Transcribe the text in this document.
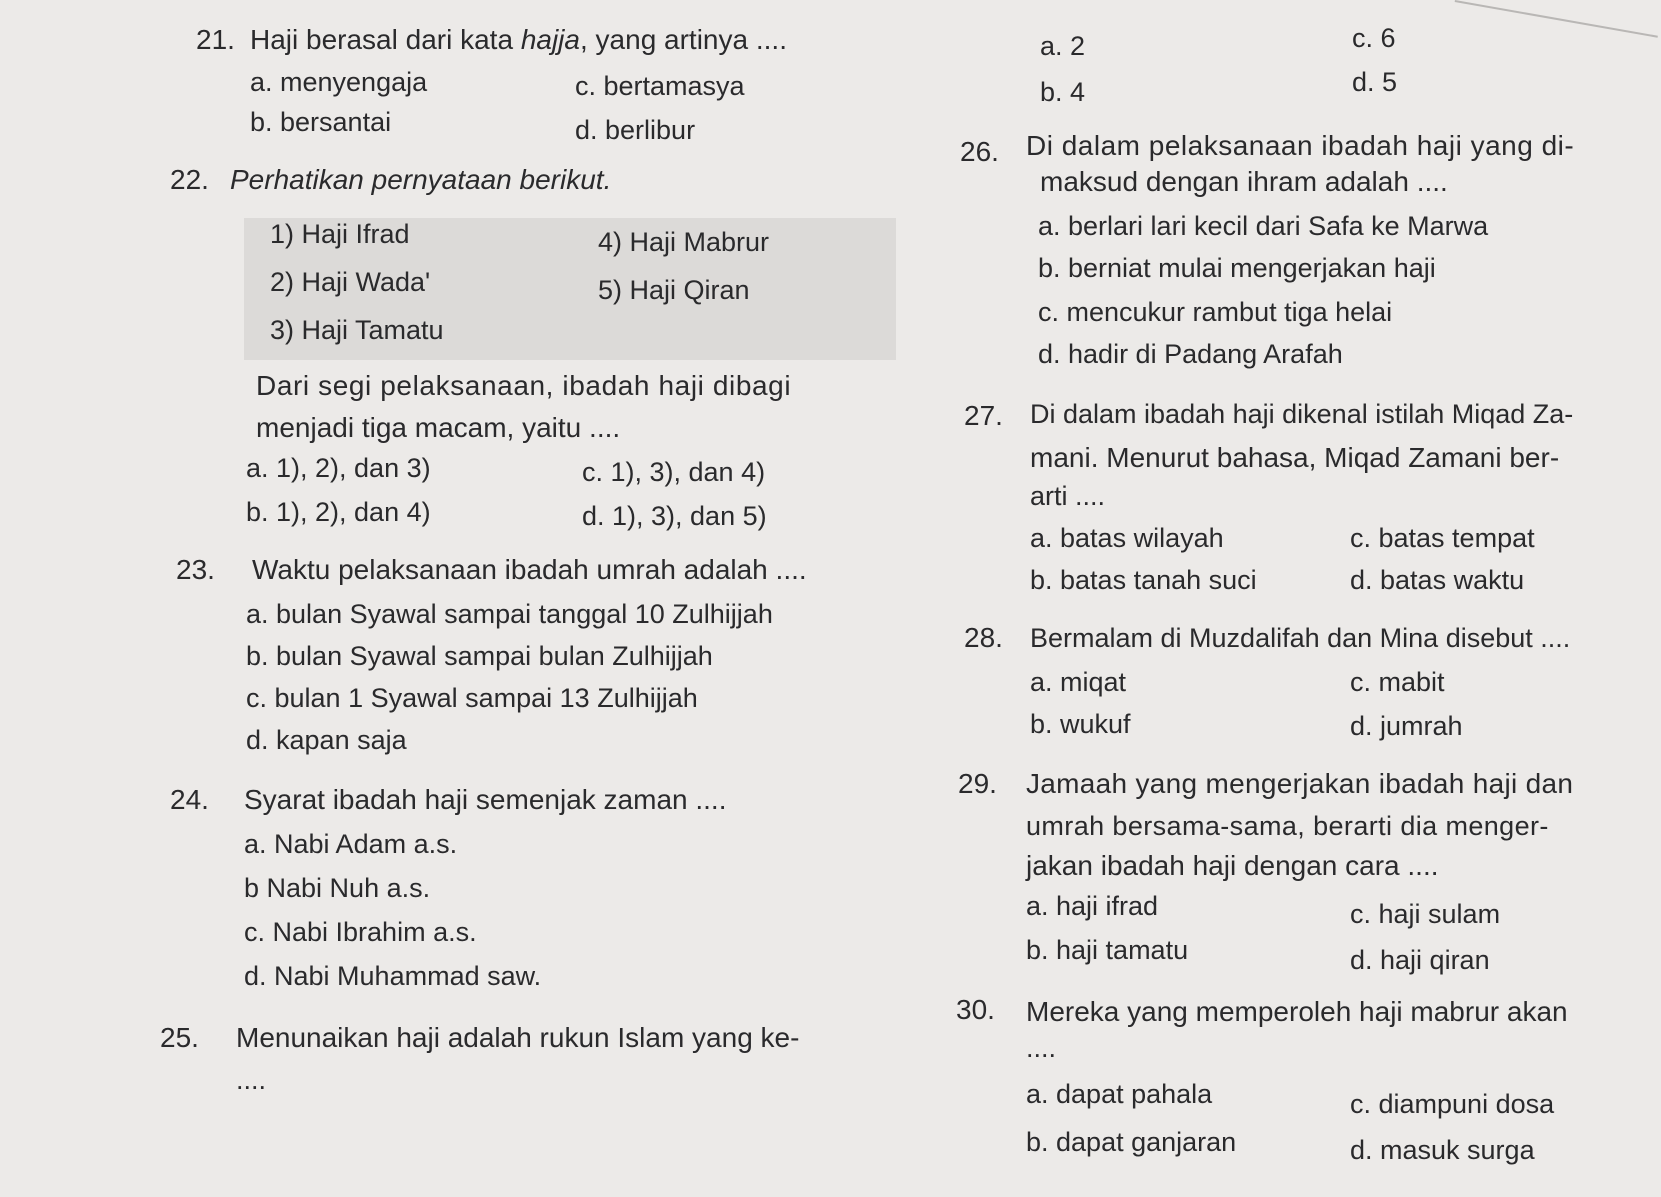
21. Haji berasal dari kata hajja, yang artinya ....
a. menyengaja	c. bertamasya
b. bersantai	d. berlibur
22. Perhatikan pernyataan berikut.
1) Haji Ifrad
2) Haji Wada'
3) Haji Tamatu
4) Haji Mabrur
5) Haji Qiran
Dari segi pelaksanaan, ibadah haji dibagi
menjadi tiga macam, yaitu ....
a. 1), 2), dan 3)	c. 1), 3), dan 4)
b. 1), 2), dan 4)	d. 1), 3), dan 5)
23. Waktu pelaksanaan ibadah umrah adalah ....
a. bulan Syawal sampai tanggal 10 Zulhijjah
b. bulan Syawal sampai bulan Zulhijjah
c. bulan 1 Syawal sampai 13 Zulhijjah
d. kapan saja
24. Syarat ibadah haji semenjak zaman ....
a. Nabi Adam a.s.
b Nabi Nuh a.s.
c. Nabi Ibrahim a.s.
d. Nabi Muhammad saw.
25. Menunaikan haji adalah rukun Islam yang ke-
....
a. 2	c. 6
b. 4	d. 5
26. Di dalam pelaksanaan ibadah haji yang di-
maksud dengan ihram adalah ....
a. berlari lari kecil dari Safa ke Marwa
b. berniat mulai mengerjakan haji
c. mencukur rambut tiga helai
d. hadir di Padang Arafah
27. Di dalam ibadah haji dikenal istilah Miqad Za-
mani. Menurut bahasa, Miqad Zamani ber-
arti ....
a. batas wilayah	c. batas tempat
b. batas tanah suci	d. batas waktu
28. Bermalam di Muzdalifah dan Mina disebut ....
a. miqat	c. mabit
b. wukuf	d. jumrah
29. Jamaah yang mengerjakan ibadah haji dan
umrah bersama-sama, berarti dia menger-
jakan ibadah haji dengan cara ....
a. haji ifrad	c. haji sulam
b. haji tamatu	d. haji qiran
30. Mereka yang memperoleh haji mabrur akan
....
a. dapat pahala	c. diampuni dosa
b. dapat ganjaran	d. masuk surga
